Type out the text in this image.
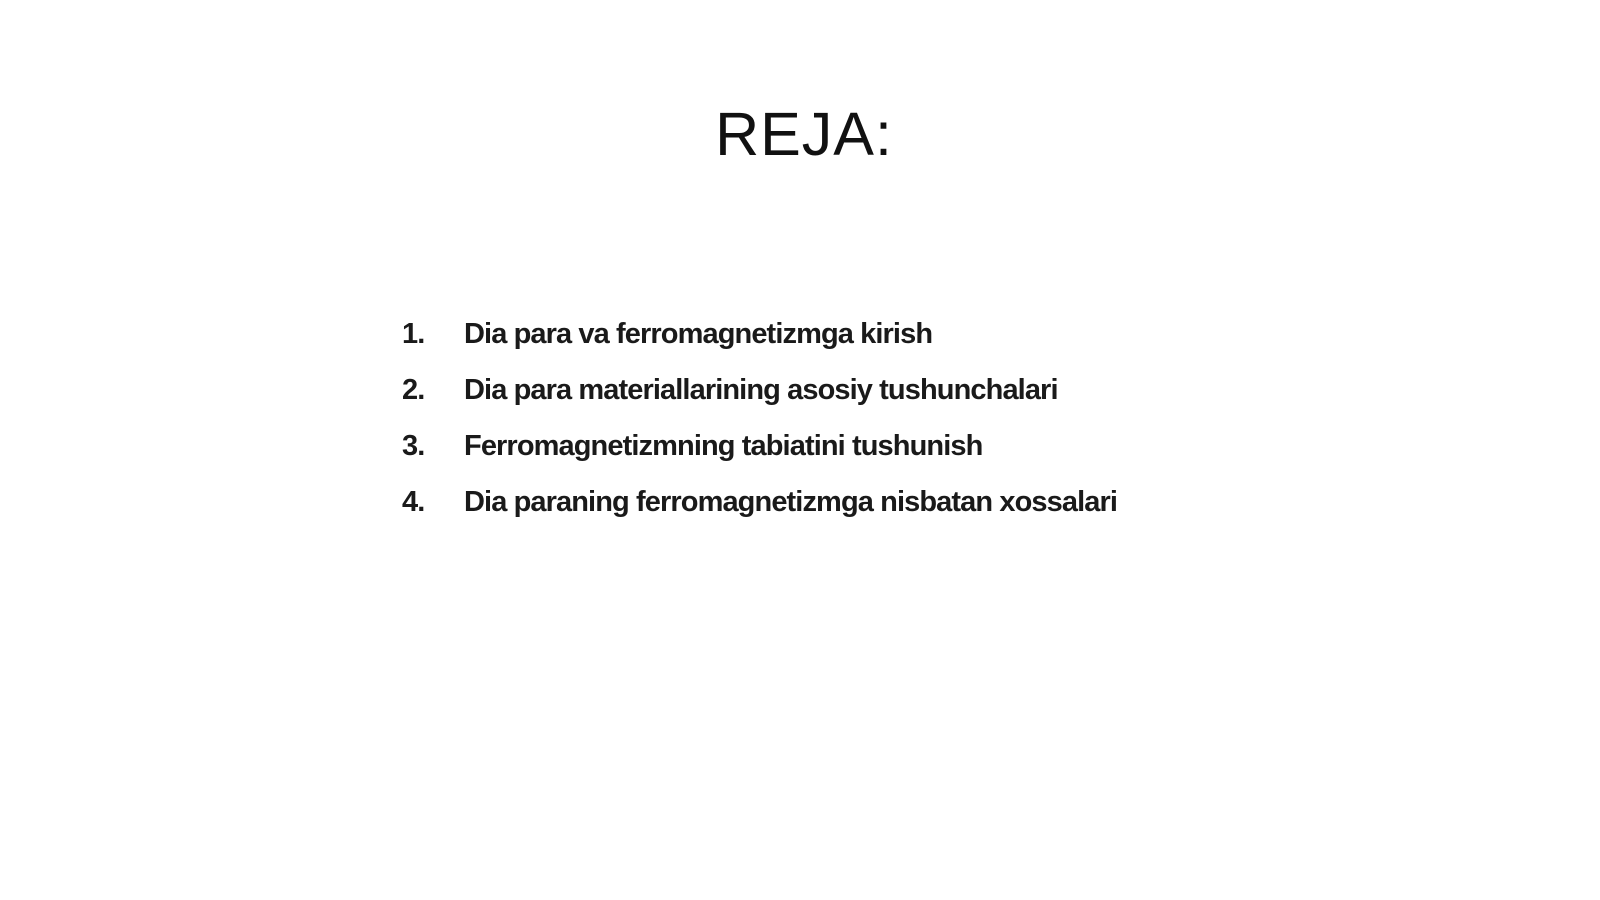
REJA:
1.	Dia para va ferromagnetizmga kirish
2.	Dia para materiallarining asosiy tushunchalari
3.	Ferromagnetizmning tabiatini tushunish
4.	Dia paraning ferromagnetizmga nisbatan xossalari
